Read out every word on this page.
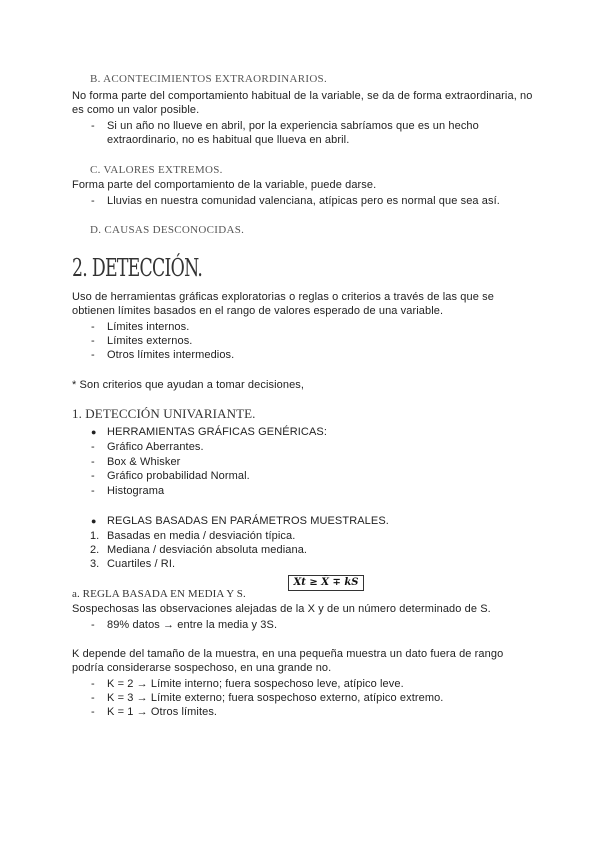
B. ACONTECIMIENTOS EXTRAORDINARIOS.
No forma parte del comportamiento habitual de la variable, se da de forma extraordinaria, no
es como un valor posible.
- Si un año no llueve en abril, por la experiencia sabríamos que es un hecho
extraordinario, no es habitual que llueva en abril.
C. VALORES EXTREMOS.
Forma parte del comportamiento de la variable, puede darse.
- Lluvias en nuestra comunidad valenciana, atípicas pero es normal que sea así.
D. CAUSAS DESCONOCIDAS.
2. DETECCIÓN.
Uso de herramientas gráficas exploratorias o reglas o criterios a través de las que se
obtienen límites basados en el rango de valores esperado de una variable.
- Límites internos.
- Límites externos.
- Otros límites intermedios.
* Son criterios que ayudan a tomar decisiones,
1. DETECCIÓN UNIVARIANTE.
● HERRAMIENTAS GRÁFICAS GENÉRICAS:
- Gráfico Aberrantes.
- Box & Whisker
- Gráfico probabilidad Normal.
- Histograma
● REGLAS BASADAS EN PARÁMETROS MUESTRALES.
1. Basadas en media / desviación típica.
2. Mediana / desviación absoluta mediana.
3. Cuartiles / RI.
a. REGLA BASADA EN MEDIA Y S.
Xt ≥ X̄ ∓ kS
Sospechosas las observaciones alejadas de la X y de un número determinado de S.
- 89% datos → entre la media y 3S.
K depende del tamaño de la muestra, en una pequeña muestra un dato fuera de rango
podría considerarse sospechoso, en una grande no.
- K = 2 → Límite interno; fuera sospechoso leve, atípico leve.
- K = 3 → Límite externo; fuera sospechoso externo, atípico extremo.
- K = 1 → Otros límites.
